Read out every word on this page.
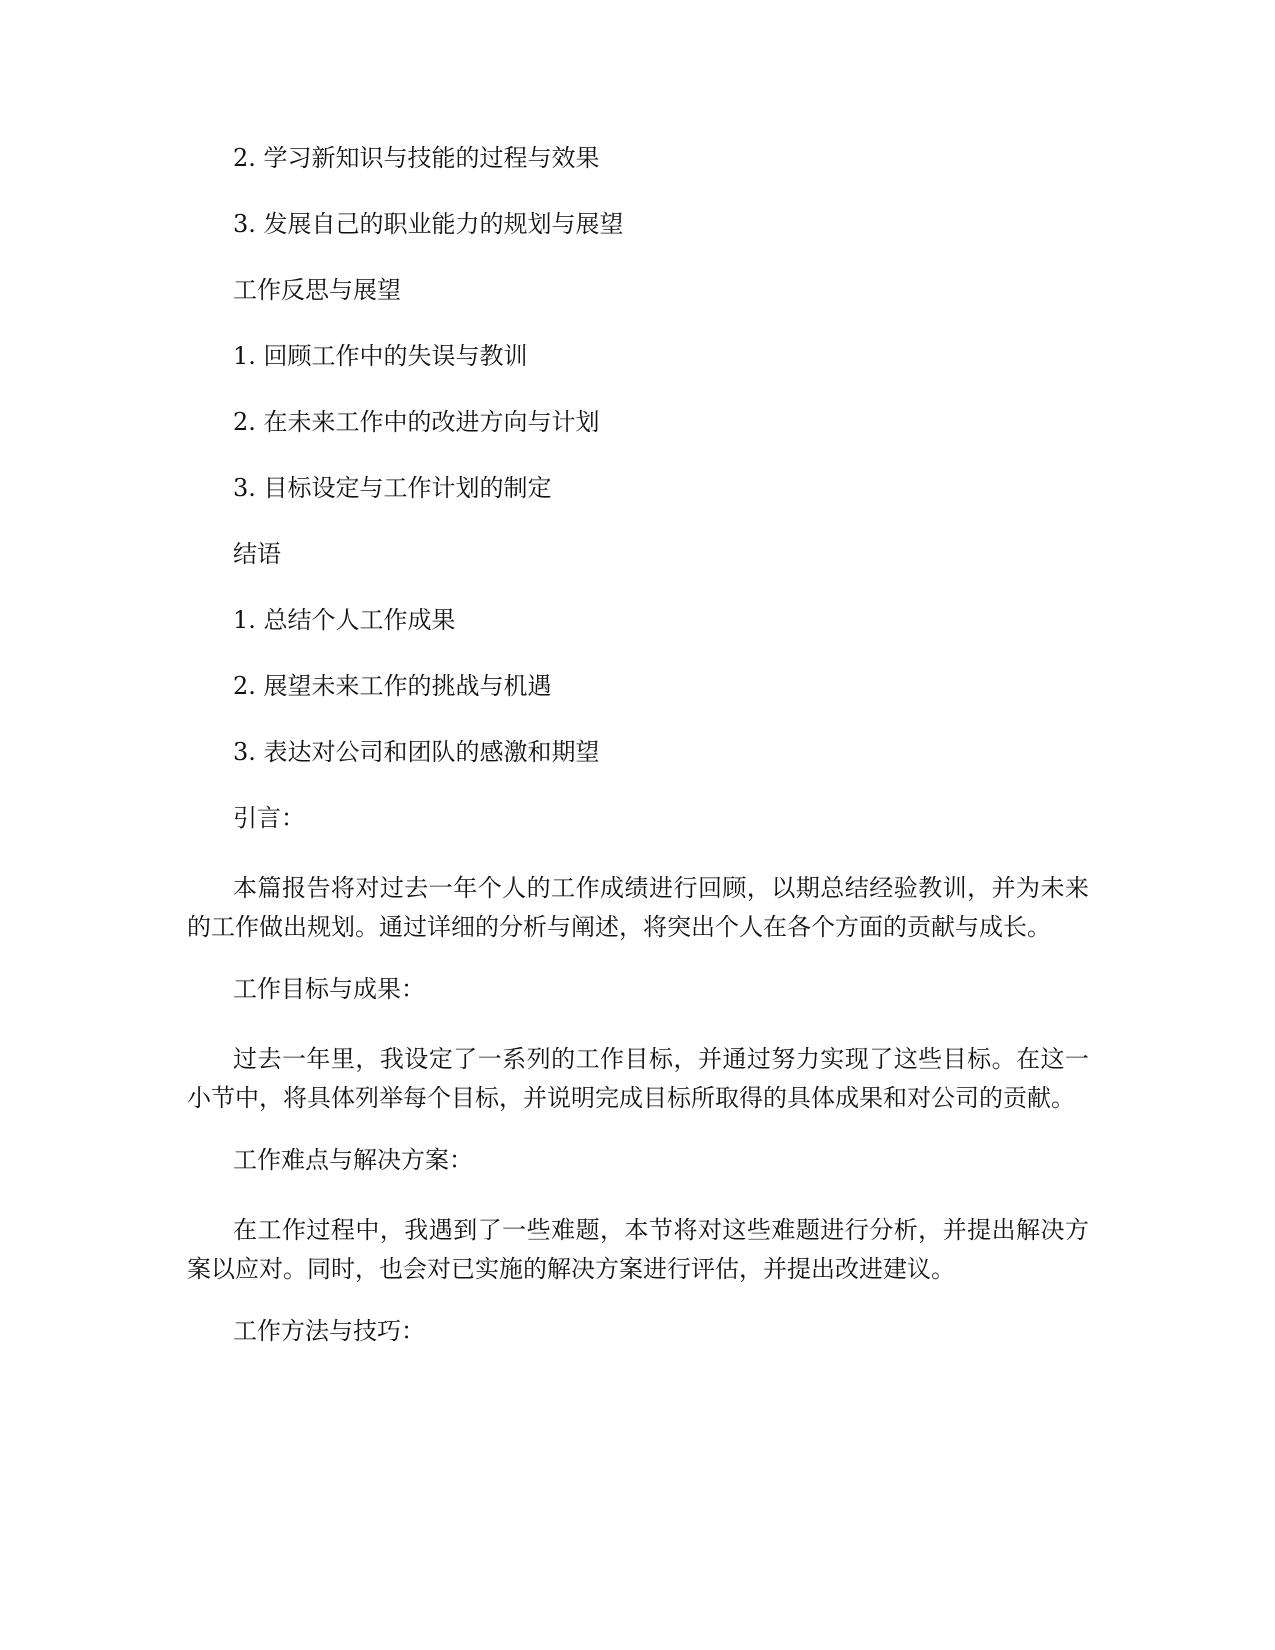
2. 学习新知识与技能的过程与效果
3. 发展自己的职业能力的规划与展望
工作反思与展望
1. 回顾工作中的失误与教训
2. 在未来工作中的改进方向与计划
3. 目标设定与工作计划的制定
结语
1. 总结个人工作成果
2. 展望未来工作的挑战与机遇
3. 表达对公司和团队的感激和期望
引言：

本篇报告将对过去一年个人的工作成绩进行回顾，以期总结经验教训，并为未来的工作做出规划。通过详细的分析与阐述，将突出个人在各个方面的贡献与成长。

工作目标与成果：

过去一年里，我设定了一系列的工作目标，并通过努力实现了这些目标。在这一小节中，将具体列举每个目标，并说明完成目标所取得的具体成果和对公司的贡献。

工作难点与解决方案：

在工作过程中，我遇到了一些难题，本节将对这些难题进行分析，并提出解决方案以应对。同时，也会对已实施的解决方案进行评估，并提出改进建议。

工作方法与技巧：
